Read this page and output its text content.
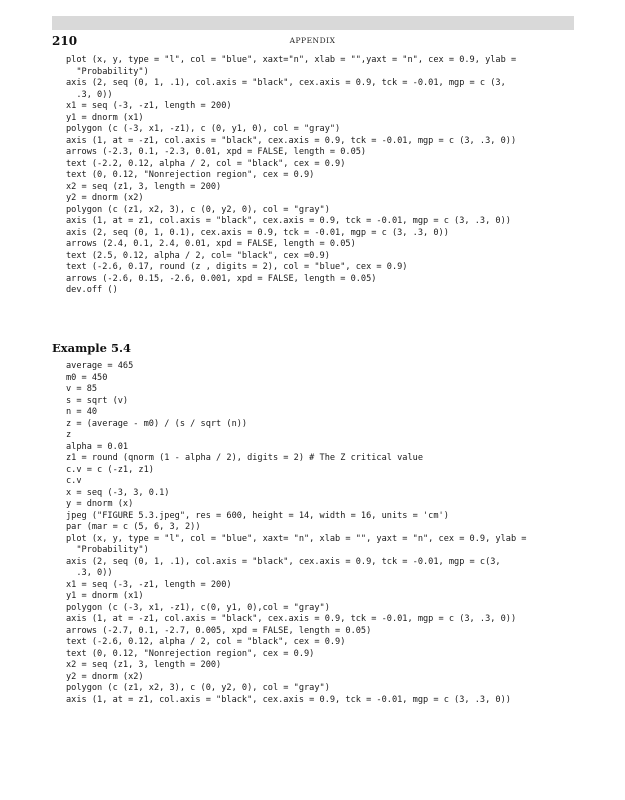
210	APPENDIX
plot (x, y, type = "l", col = "blue", xaxt="n", xlab = "",yaxt = "n", cex = 0.9, ylab =
"Probability")
axis (2, seq (0, 1, .1), col.axis = "black", cex.axis = 0.9, tck = -0.01, mgp = c (3,
.3, 0))
x1 = seq (-3, -z1, length = 200)
y1 = dnorm (x1)
polygon (c (-3, x1, -z1), c (0, y1, 0), col = "gray")
axis (1, at = -z1, col.axis = "black", cex.axis = 0.9, tck = -0.01, mgp = c (3, .3, 0))
arrows (-2.3, 0.1, -2.3, 0.01, xpd = FALSE, length = 0.05)
text (-2.2, 0.12, alpha / 2, col = "black", cex = 0.9)
text (0, 0.12, "Nonrejection region", cex = 0.9)
x2 = seq (z1, 3, length = 200)
y2 = dnorm (x2)
polygon (c (z1, x2, 3), c (0, y2, 0), col = "gray")
axis (1, at = z1, col.axis = "black", cex.axis = 0.9, tck = -0.01, mgp = c (3, .3, 0))
axis (2, seq (0, 1, 0.1), cex.axis = 0.9, tck = -0.01, mgp = c (3, .3, 0))
arrows (2.4, 0.1, 2.4, 0.01, xpd = FALSE, length = 0.05)
text (2.5, 0.12, alpha / 2, col= "black", cex =0.9)
text (-2.6, 0.17, round (z , digits = 2), col = "blue", cex = 0.9)
arrows (-2.6, 0.15, -2.6, 0.001, xpd = FALSE, length = 0.05)
dev.off ()
Example 5.4
average = 465
m0 = 450
v = 85
s = sqrt (v)
n = 40
z = (average - m0) / (s / sqrt (n))
z
alpha = 0.01
z1 = round (qnorm (1 - alpha / 2), digits = 2) # The Z critical value
c.v = c (-z1, z1)
c.v
x = seq (-3, 3, 0.1)
y = dnorm (x)
jpeg ("FIGURE 5.3.jpeg", res = 600, height = 14, width = 16, units = 'cm')
par (mar = c (5, 6, 3, 2))
plot (x, y, type = "l", col = "blue", xaxt= "n", xlab = "", yaxt = "n", cex = 0.9, ylab =
"Probability")
axis (2, seq (0, 1, .1), col.axis = "black", cex.axis = 0.9, tck = -0.01, mgp = c(3,
.3, 0))
x1 = seq (-3, -z1, length = 200)
y1 = dnorm (x1)
polygon (c (-3, x1, -z1), c(0, y1, 0),col = "gray")
axis (1, at = -z1, col.axis = "black", cex.axis = 0.9, tck = -0.01, mgp = c (3, .3, 0))
arrows (-2.7, 0.1, -2.7, 0.005, xpd = FALSE, length = 0.05)
text (-2.6, 0.12, alpha / 2, col = "black", cex = 0.9)
text (0, 0.12, "Nonrejection region", cex = 0.9)
x2 = seq (z1, 3, length = 200)
y2 = dnorm (x2)
polygon (c (z1, x2, 3), c (0, y2, 0), col = "gray")
axis (1, at = z1, col.axis = "black", cex.axis = 0.9, tck = -0.01, mgp = c (3, .3, 0))
